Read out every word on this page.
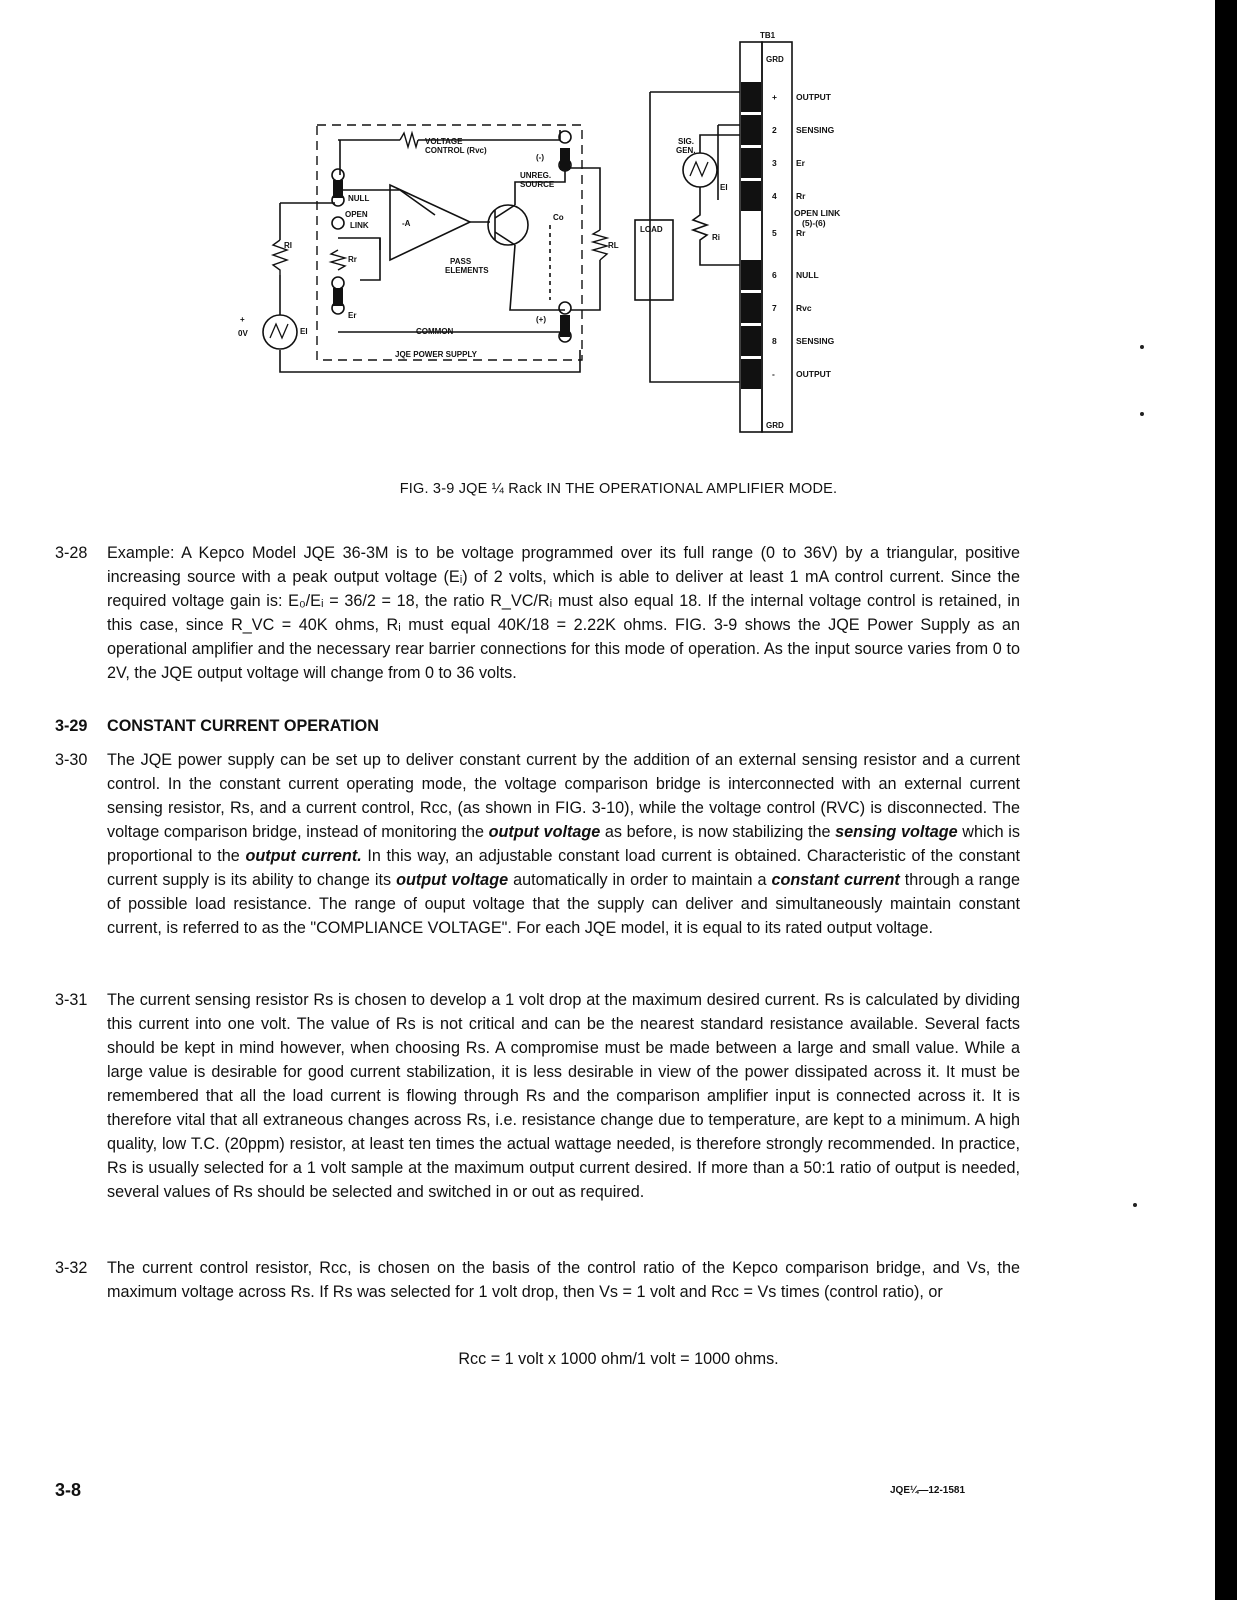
VOLTAGE
CONTROL (Rvc)
UNREG.
SOURCE
NULL
OPEN
LINK	-A
PASS
ELEMENTS
COMMON
JQE POWER SUPPLY
RI	RL
Rr
Er
EI
Co
0V
+
(-)
(+)
TB1
SIG.
GEN.
LOAD
Ri
EI
GRD
GRD
+ OUTPUT
2 SENSING
3 Er
4 Rr
5 Rr
6 NULL
7 Rvc
8 SENSING
- OUTPUT
OPEN LINK
(5)-(6)
FIG. 3-9 JQE ¼ Rack IN THE OPERATIONAL AMPLIFIER MODE.
3-28	Example: A Kepco Model JQE 36-3M is to be voltage programmed over its full range (0 to 36V) by a triangular, positive increasing source with a peak output voltage (Eᵢ) of 2 volts, which is able to deliver at least 1 mA control current. Since the required voltage gain is: E₀/Eᵢ = 36/2 = 18, the ratio R_VC/Rᵢ must also equal 18. If the internal voltage control is retained, in this case, since R_VC = 40K ohms, Rᵢ must equal 40K/18 = 2.22K ohms. FIG. 3-9 shows the JQE Power Supply as an operational amplifier and the necessary rear barrier connections for this mode of operation. As the input source varies from 0 to 2V, the JQE output voltage will change from 0 to 36 volts.
3-29 CONSTANT CURRENT OPERATION
3-30	The JQE power supply can be set up to deliver constant current by the addition of an external sensing resistor and a current control. In the constant current operating mode, the voltage comparison bridge is interconnected with an external current sensing resistor, Rs, and a current control, Rcc, (as shown in FIG. 3-10), while the voltage control (RVC) is disconnected. The voltage comparison bridge, instead of monitoring the output voltage as before, is now stabilizing the sensing voltage which is proportional to the output current. In this way, an adjustable constant load current is obtained. Characteristic of the constant current supply is its ability to change its output voltage automatically in order to maintain a constant current through a range of possible load resistance. The range of ouput voltage that the supply can deliver and simultaneously maintain constant current, is referred to as the "COMPLIANCE VOLTAGE". For each JQE model, it is equal to its rated output voltage.
3-31	The current sensing resistor Rs is chosen to develop a 1 volt drop at the maximum desired current. Rs is calculated by dividing this current into one volt. The value of Rs is not critical and can be the nearest standard resistance available. Several facts should be kept in mind however, when choosing Rs. A compromise must be made between a large and small value. While a large value is desirable for good current stabilization, it is less desirable in view of the power dissipated across it. It must be remembered that all the load current is flowing through Rs and the comparison amplifier input is connected across it. It is therefore vital that all extraneous changes across Rs, i.e. resistance change due to temperature, are kept to a minimum. A high quality, low T.C. (20ppm) resistor, at least ten times the actual wattage needed, is therefore strongly recommended. In practice, Rs is usually selected for a 1 volt sample at the maximum output current desired. If more than a 50:1 ratio of output is needed, several values of Rs should be selected and switched in or out as required.
3-32	The current control resistor, Rcc, is chosen on the basis of the control ratio of the Kepco comparison bridge, and Vs, the maximum voltage across Rs. If Rs was selected for 1 volt drop, then Vs = 1 volt and Rcc = Vs times (control ratio), or
Rcc = 1 volt x 1000 ohm/1 volt = 1000 ohms.
3-8	JQE¼—12-1581
